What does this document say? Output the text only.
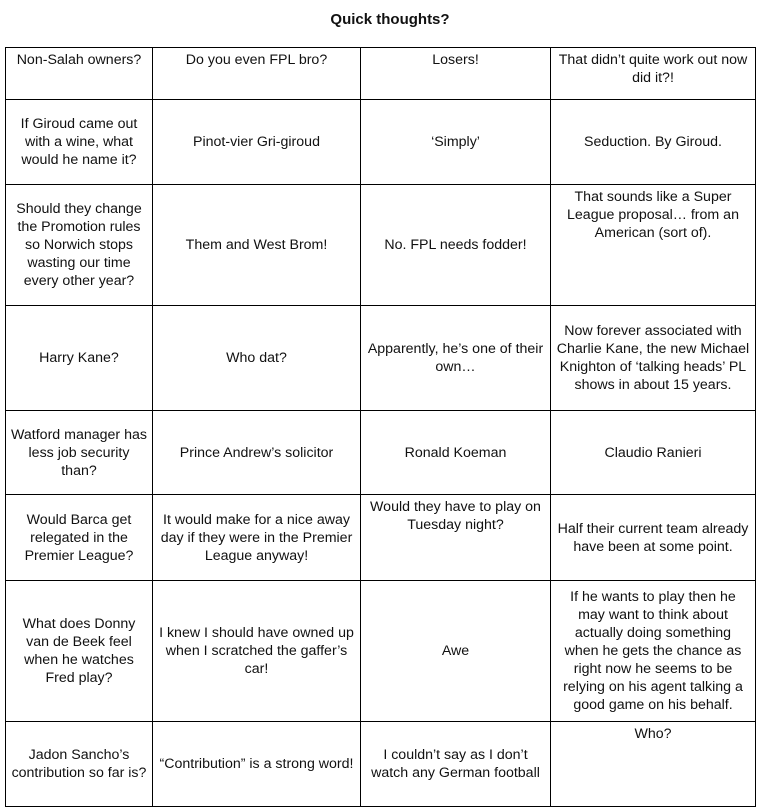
Quick thoughts?
Non-Salah owners?	Do you even FPL bro?	Losers!	That didn’t quite work out now did it?!
If Giroud came out with a wine, what would he name it?	Pinot-vier Gri-giroud	‘Simply’	Seduction. By Giroud.
Should they change the Promotion rules so Norwich stops wasting our time every other year?	Them and West Brom!	No. FPL needs fodder!	That sounds like a Super League proposal… from an American (sort of).
Harry Kane?	Who dat?	Apparently, he’s one of their own…	Now forever associated with Charlie Kane, the new Michael Knighton of ‘talking heads’ PL shows in about 15 years.
Watford manager has less job security than?	Prince Andrew’s solicitor	Ronald Koeman	Claudio Ranieri
Would Barca get relegated in the Premier League?	It would make for a nice away day if they were in the Premier League anyway!	Would they have to play on Tuesday night?	Half their current team already have been at some point.
What does Donny van de Beek feel when he watches Fred play?	I knew I should have owned up when I scratched the gaffer’s car!	Awe	If he wants to play then he may want to think about actually doing something when he gets the chance as right now he seems to be relying on his agent talking a good game on his behalf.
Jadon Sancho’s contribution so far is?	“Contribution” is a strong word!	I couldn’t say as I don’t watch any German football	Who?
